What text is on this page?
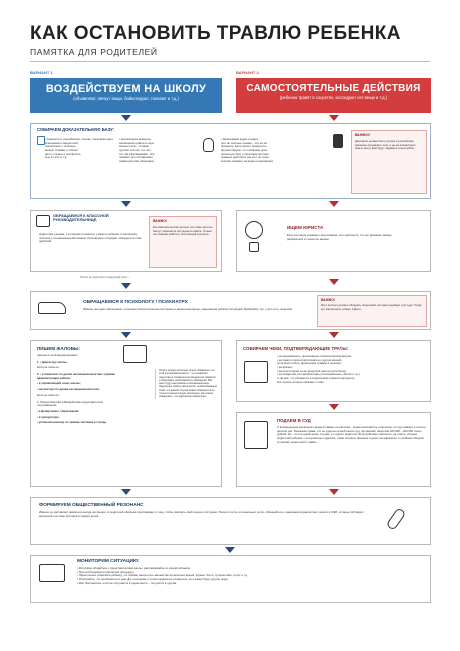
КАК ОСТАНОВИТЬ ТРАВЛЮ РЕБЕНКА
ПАМЯТКА ДЛЯ РОДИТЕЛЕЙ
ВАРИАНТ 1.	ВАРИАНТ 2.
ВОЗДЕЙСТВУЕМ НА ШКОЛУ
(объявляют, пичкут вещи, бойкотируют, толкают и т.д.)
САМОСТОЯТЕЛЬНЫЕ ДЕЙСТВИЯ
(ребенка травят в соцсетях, исследуют его вещи и т.д.)
СОБИРАЕМ ДОКАЗАТЕЛЬНУЮ БАЗУ:
• Скриншоты, оскорбления, ссылки, переписки одно-
классников и свидетелей;
заключения о телесных
вещей, справки о побоях;
фото угловых и портфолио,
кощ в гугле и т.д.
• Анализируем аккаунты
зачинщиков травли в соци-
альных сетях – в каких
группах состоят, что пос-
тят, как разговаривают. Это
поможет при составлении
характеристики обидчиков.
• Записываем аудио и видео
(это не частные съемки – это не за-
прещено). Если просят прекратить,
аргументируем, что собираем дока-
зательную базу и просоным противо-
правных действиях (на этот не слиш-
ком вас снимают на видео и магазинах).
ВАЖНО!!
Диктофон должен быть куплен в российском магазине (сохраните чек), и не на алиэкспресс. Иначе могут вам будут задавать спецслужбы.
ОБРАЩАЕМСЯ К КЛАССНОЙ РУКОВОДИТЕЛЬНИЦЕ,
родителям ученика, с которыми сложности у вашего ребенка, и школьному психологу, социальным работникам. Проговорите ситуацию. Определите план действий
ВАЖНО!
Без вмешательства третьих сил сами дети не смогут разрешить ситуацию в классе. Только постоянная работа и постоянный контроль.
ИЩЕМ ЮРИСТА
Если ситуация сложная и агрессивная, или чувствуете, что нет времени самому разбираться в тонкостях закона.
Ничего не помогло/не Следующий пункт –
ОБРАЩАЕМСЯ К ПСИХОЛОГУ / ПСИХИАТРУ.
Именно они дают заключение о текущем психологическом состоянии и моральном вреде, нанесенном ребенку ситуацией. Выбирайте тех, у кого есть лицензия.
ВАЖНО!
Этот эксперт должен обладать лицензией, которая подойдет для суда. Тогда его заключение пойдет в Дело.
ПИШЕМ ЖАЛОБЫ:
(именно в этой формулировке)
1. • Директору школы.
Если не помогло:
2. • в комиссию по делам несовершеннолетних управы/администрации района;
• в управляющий совет школы;
• инспектору по делам несовершеннолетних.
Если не помогло:
3. Пишем Жалобы в Вездействие представителей госуправления:
• в Департамент образования;
• в прокуратуру;
• уполномоченному по правам человека в городе.
Писать предпочтительно только «Нажмите» и в этой последовательности – это позволяет подготовить основательно юридически грамотно и обосновать необходимость обращения. Все шаги будут выполнены в письменном виде. Нарушение любого шага влечёт необоснованный отказ, и в данном случае можно обращаться не только в вышестоящую инстанцию, как только обнаружите, что нарушения закреплены.
СОБИРАЕМ ЧЕКИ, ПОДТВЕРЖДАЮЩИЕ ТРАТЫ:
• на медикаменты, прописанные психологом/психиатром;
• на самого психолога/психиатра и другие врачей,
если были побои, физические травмы и лечение;
• на врачеа;
• на репетиторов из-за пропусков школы (если было);
• на лекарства, на приобретение (потенциальные убытки и т.д.)
и так всё, что убираются в социальном плане/по интернету;
все прочие которые связаны с этим.
ПОДАЕМ В СУД
С возмещением морального вреда (главное не наличие – можно выставлять и миллион, но суд снижает в сотни и десятки раз. Реальная сумма, что не суда на летней школе суд, поставляют напротив 100 000 – 200 000 тысяч рублей. Не – это по единичному случаю, и с одного родителя. Если действие повторять, да участь, сколько родителей ребенка, с которыми вы судились, такие потратят времени и денег на адвокатов, то ребёнок-обидчик остановит родителей в травле.
ФОРМИРУЕМ ОБЩЕСТВЕННЫЙ РЕЗОНАНС
Именно он заставляет двигаться иногда инстанции. А родителей обидчика подталкивает к тому, чтобы повлиять свой подход к ситуации. Пишите посты в социальных сетях, обращайтесь к знакомым журналистам, пишите в СМИ, которые публикуют материалы на темы буллинга и правил детей.
МОНИТОРИМ СИТУАЦИЮ:
• Регулярно общайтесь с представителями школы, разговаривайте со своим ребенком.
• При необходимости повторяем процедуру.
• Параллельно помогайте ребенку, что помимо школы есть множество интересных вещей: кружки, блоги, путешествия, спорт и т.д.
• Объясняйте, что проблема не в нем. Да, отношение с этими людьми не сложилось, но в жизни будут другие люди.
• Мир безграничен, если не получается в одном месте – получится в другом.
